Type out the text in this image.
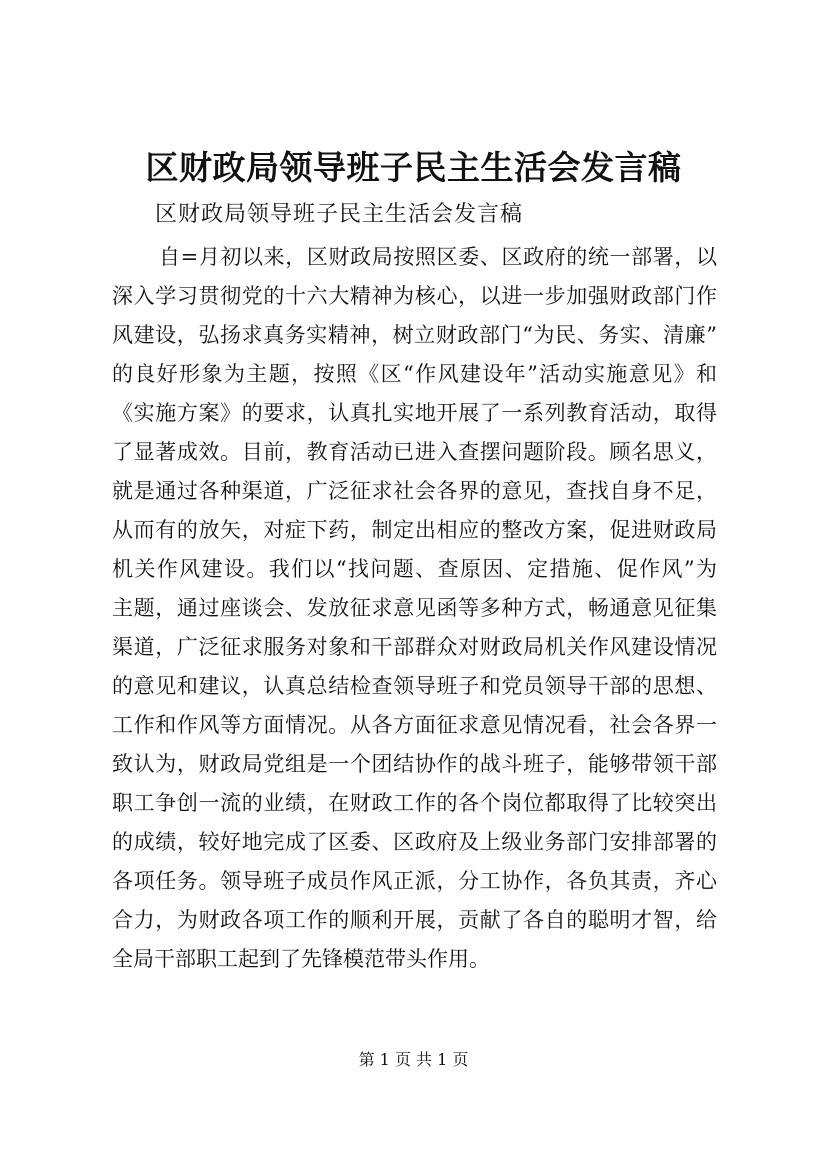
区财政局领导班子民主生活会发言稿
区财政局领导班子民主生活会发言稿
自=月初以来，区财政局按照区委、区政府的统一部署，以
深入学习贯彻党的十六大精神为核心，以进一步加强财政部门作
风建设，弘扬求真务实精神，树立财政部门“为民、务实、清廉”
的良好形象为主题，按照《区“作风建设年”活动实施意见》和
《实施方案》的要求，认真扎实地开展了一系列教育活动，取得
了显著成效。目前，教育活动已进入查摆问题阶段。顾名思义，
就是通过各种渠道，广泛征求社会各界的意见，查找自身不足，
从而有的放矢，对症下药，制定出相应的整改方案，促进财政局
机关作风建设。我们以“找问题、查原因、定措施、促作风”为
主题，通过座谈会、发放征求意见函等多种方式，畅通意见征集
渠道，广泛征求服务对象和干部群众对财政局机关作风建设情况
的意见和建议，认真总结检查领导班子和党员领导干部的思想、
工作和作风等方面情况。从各方面征求意见情况看，社会各界一
致认为，财政局党组是一个团结协作的战斗班子，能够带领干部
职工争创一流的业绩，在财政工作的各个岗位都取得了比较突出
的成绩，较好地完成了区委、区政府及上级业务部门安排部署的
各项任务。领导班子成员作风正派，分工协作，各负其责，齐心
合力，为财政各项工作的顺利开展，贡献了各自的聪明才智，给
全局干部职工起到了先锋模范带头作用。
第 1 页 共 1 页
